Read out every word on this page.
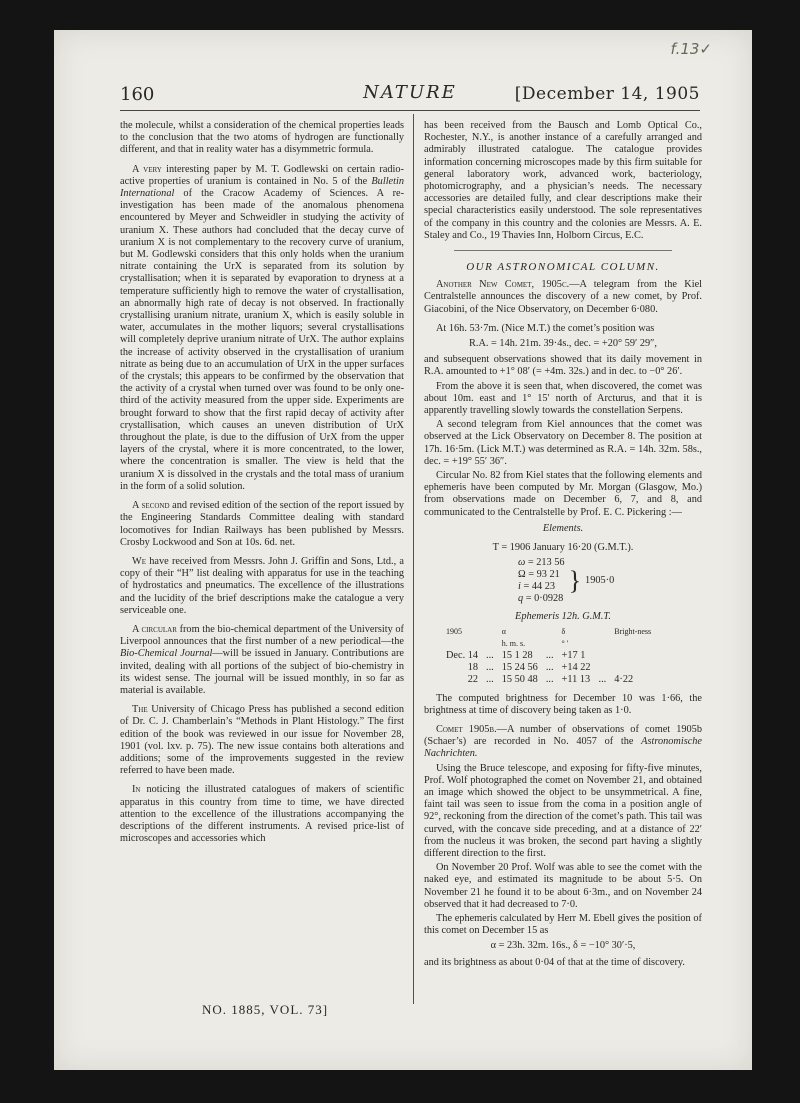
f.13✓
160	NATURE	[December 14, 1905

the molecule, whilst a consideration of the chemical properties leads to the conclusion that the two atoms of hydrogen are functionally different, and that in reality water has a disymmetric formula.

A very interesting paper by M. T. Godlewski on certain radio-active properties of uranium is contained in No. 5 of the Bulletin International of the Cracow Academy of Sciences. A re-investigation has been made of the anomalous phenomena encountered by Meyer and Schweidler in studying the activity of uranium X. These authors had concluded that the decay curve of uranium X is not complementary to the recovery curve of uranium, but M. Godlewski considers that this only holds when the uranium nitrate containing the UrX is separated from its solution by crystallisation; when it is separated by evaporation to dryness at a temperature sufficiently high to remove the water of crystallisation, an abnormally high rate of decay is not observed. In fractionally crystallising uranium nitrate, uranium X, which is easily soluble in water, accumulates in the mother liquors; several crystallisations will completely deprive uranium nitrate of UrX. The author explains the increase of activity observed in the crystallisation of uranium nitrate as being due to an accumulation of UrX in the upper surfaces of the crystals; this appears to be confirmed by the observation that the activity of a crystal when turned over was found to be only one-third of the activity measured from the upper side. Experiments are brought forward to show that the first rapid decay of activity after crystallisation, which causes an uneven distribution of UrX throughout the plate, is due to the diffusion of UrX from the upper layers of the crystal, where it is more concentrated, to the lower, where the concentration is smaller. The view is held that the uranium X is dissolved in the crystals and the total mass of uranium in the form of a solid solution.

A second and revised edition of the section of the report issued by the Engineering Standards Committee dealing with standard locomotives for Indian Railways has been published by Messrs. Crosby Lockwood and Son at 10s. 6d. net.

We have received from Messrs. John J. Griffin and Sons, Ltd., a copy of their “H” list dealing with apparatus for use in the teaching of hydrostatics and pneumatics. The excellence of the illustrations and the lucidity of the brief descriptions make the catalogue a very serviceable one.

A circular from the bio-chemical department of the University of Liverpool announces that the first number of a new periodical—the Bio-Chemical Journal—will be issued in January. Contributions are invited, dealing with all portions of the subject of bio-chemistry in its widest sense. The journal will be issued monthly, in so far as material is available.

The University of Chicago Press has published a second edition of Dr. C. J. Chamberlain’s “Methods in Plant Histology.” The first edition of the book was reviewed in our issue for November 28, 1901 (vol. lxv. p. 75). The new issue contains both alterations and additions; some of the improvements suggested in the review referred to have been made.

In noticing the illustrated catalogues of makers of scientific apparatus in this country from time to time, we have directed attention to the excellence of the illustrations accompanying the descriptions of the different instruments. A revised price-list of microscopes and accessories which

has been received from the Bausch and Lomb Optical Co., Rochester, N.Y., is another instance of a carefully arranged and admirably illustrated catalogue. The catalogue provides information concerning microscopes made by this firm suitable for general laboratory work, advanced work, bacteriology, photomicrography, and a physician’s needs. The necessary accessories are detailed fully, and clear descriptions make their special characteristics easily understood. The sole representatives of the company in this country and the colonies are Messrs. A. E. Staley and Co., 19 Thavies Inn, Holborn Circus, E.C.

OUR ASTRONOMICAL COLUMN.

Another New Comet, 1905c.—A telegram from the Kiel Centralstelle announces the discovery of a new comet, by Prof. Giacobini, of the Nice Observatory, on December 6·080.

At 16h. 53·7m. (Nice M.T.) the comet’s position was

R.A. = 14h. 21m. 39·4s., dec. = +20° 59′ 29″,

and subsequent observations showed that its daily movement in R.A. amounted to +1° 08′ (= +4m. 32s.) and in dec. to −0° 26′.

From the above it is seen that, when discovered, the comet was about 10m. east and 1° 15′ north of Arcturus, and that it is apparently travelling slowly towards the constellation Serpens.

A second telegram from Kiel announces that the comet was observed at the Lick Observatory on December 8. The position at 17h. 16·5m. (Lick M.T.) was determined as R.A. = 14h. 32m. 58s., dec. = +19° 55′ 36″.

Circular No. 82 from Kiel states that the following elements and ephemeris have been computed by Mr. Morgan (Glasgow, Mo.) from observations made on December 6, 7, and 8, and communicated to the Centralstelle by Prof. E. C. Pickering :—

Elements.

T = 1906 January 16·20 (G.M.T.).

ω = 213 56
Ω = 93 21
i = 44 23
q = 0·0928
	}	1905·0

Ephemeris 12h. G.M.T.

1905		α		δ		Bright-ness
		h. m. s.		° ′		
Dec. 14	...	15 1 28	...	+17 1		
18	...	15 24 56	...	+14 22		
22	...	15 50 48	...	+11 13	...	4·22

The computed brightness for December 10 was 1·66, the brightness at time of discovery being taken as 1·0.

Comet 1905b.—A number of observations of comet 1905b (Schaer’s) are recorded in No. 4057 of the Astronomische Nachrichten.

Using the Bruce telescope, and exposing for fifty-five minutes, Prof. Wolf photographed the comet on November 21, and obtained an image which showed the object to be unsymmetrical. A fine, faint tail was seen to issue from the coma in a position angle of 92°, reckoning from the direction of the comet’s path. This tail was curved, with the concave side preceding, and at a distance of 22′ from the nucleus it was broken, the second part having a slightly different direction to the first.

On November 20 Prof. Wolf was able to see the comet with the naked eye, and estimated its magnitude to be about 5·5. On November 21 he found it to be about 6·3m., and on November 24 observed that it had decreased to 7·0.

The ephemeris calculated by Herr M. Ebell gives the position of this comet on December 15 as

α = 23h. 32m. 16s., δ = −10° 30′·5,

and its brightness as about 0·04 of that at the time of discovery.

NO. 1885, VOL. 73]
